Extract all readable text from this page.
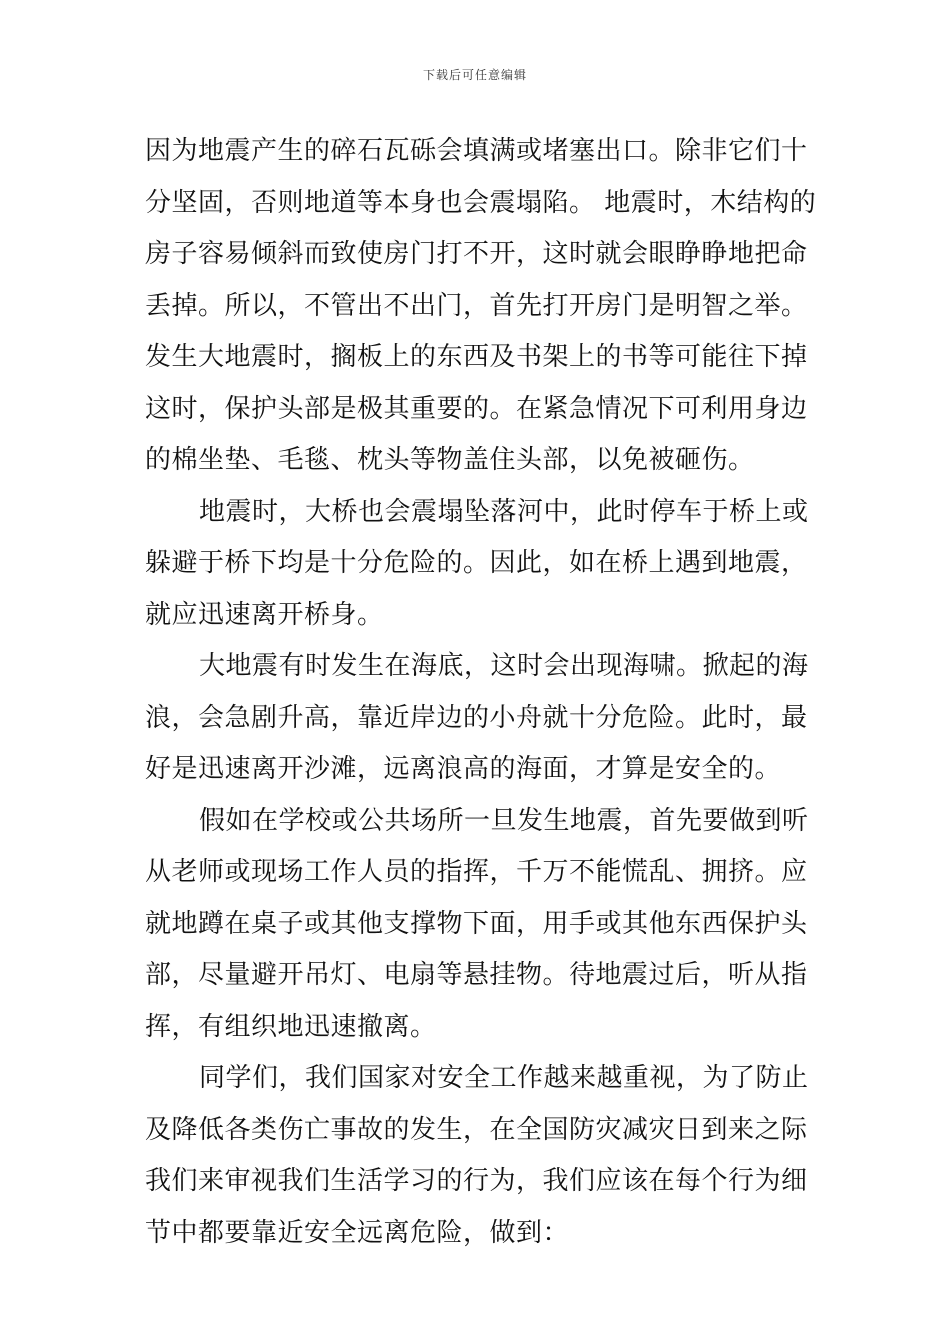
下载后可任意编辑
因为地震产生的碎石瓦砾会填满或堵塞出口。除非它们十
分坚固，否则地道等本身也会震塌陷。 地震时，木结构的
房子容易倾斜而致使房门打不开，这时就会眼睁睁地把命
丢掉。所以，不管出不出门，首先打开房门是明智之举。
发生大地震时，搁板上的东西及书架上的书等可能往下掉
这时，保护头部是极其重要的。在紧急情况下可利用身边
的棉坐垫、毛毯、枕头等物盖住头部，以免被砸伤。
地震时，大桥也会震塌坠落河中，此时停车于桥上或
躲避于桥下均是十分危险的。因此，如在桥上遇到地震，
就应迅速离开桥身。
大地震有时发生在海底，这时会出现海啸。掀起的海
浪，会急剧升高，靠近岸边的小舟就十分危险。此时，最
好是迅速离开沙滩，远离浪高的海面，才算是安全的。
假如在学校或公共场所一旦发生地震，首先要做到听
从老师或现场工作人员的指挥，千万不能慌乱、拥挤。应
就地蹲在桌子或其他支撑物下面，用手或其他东西保护头
部，尽量避开吊灯、电扇等悬挂物。待地震过后，听从指
挥，有组织地迅速撤离。
同学们，我们国家对安全工作越来越重视，为了防止
及降低各类伤亡事故的发生，在全国防灾减灾日到来之际
我们来审视我们生活学习的行为，我们应该在每个行为细
节中都要靠近安全远离危险，做到：
